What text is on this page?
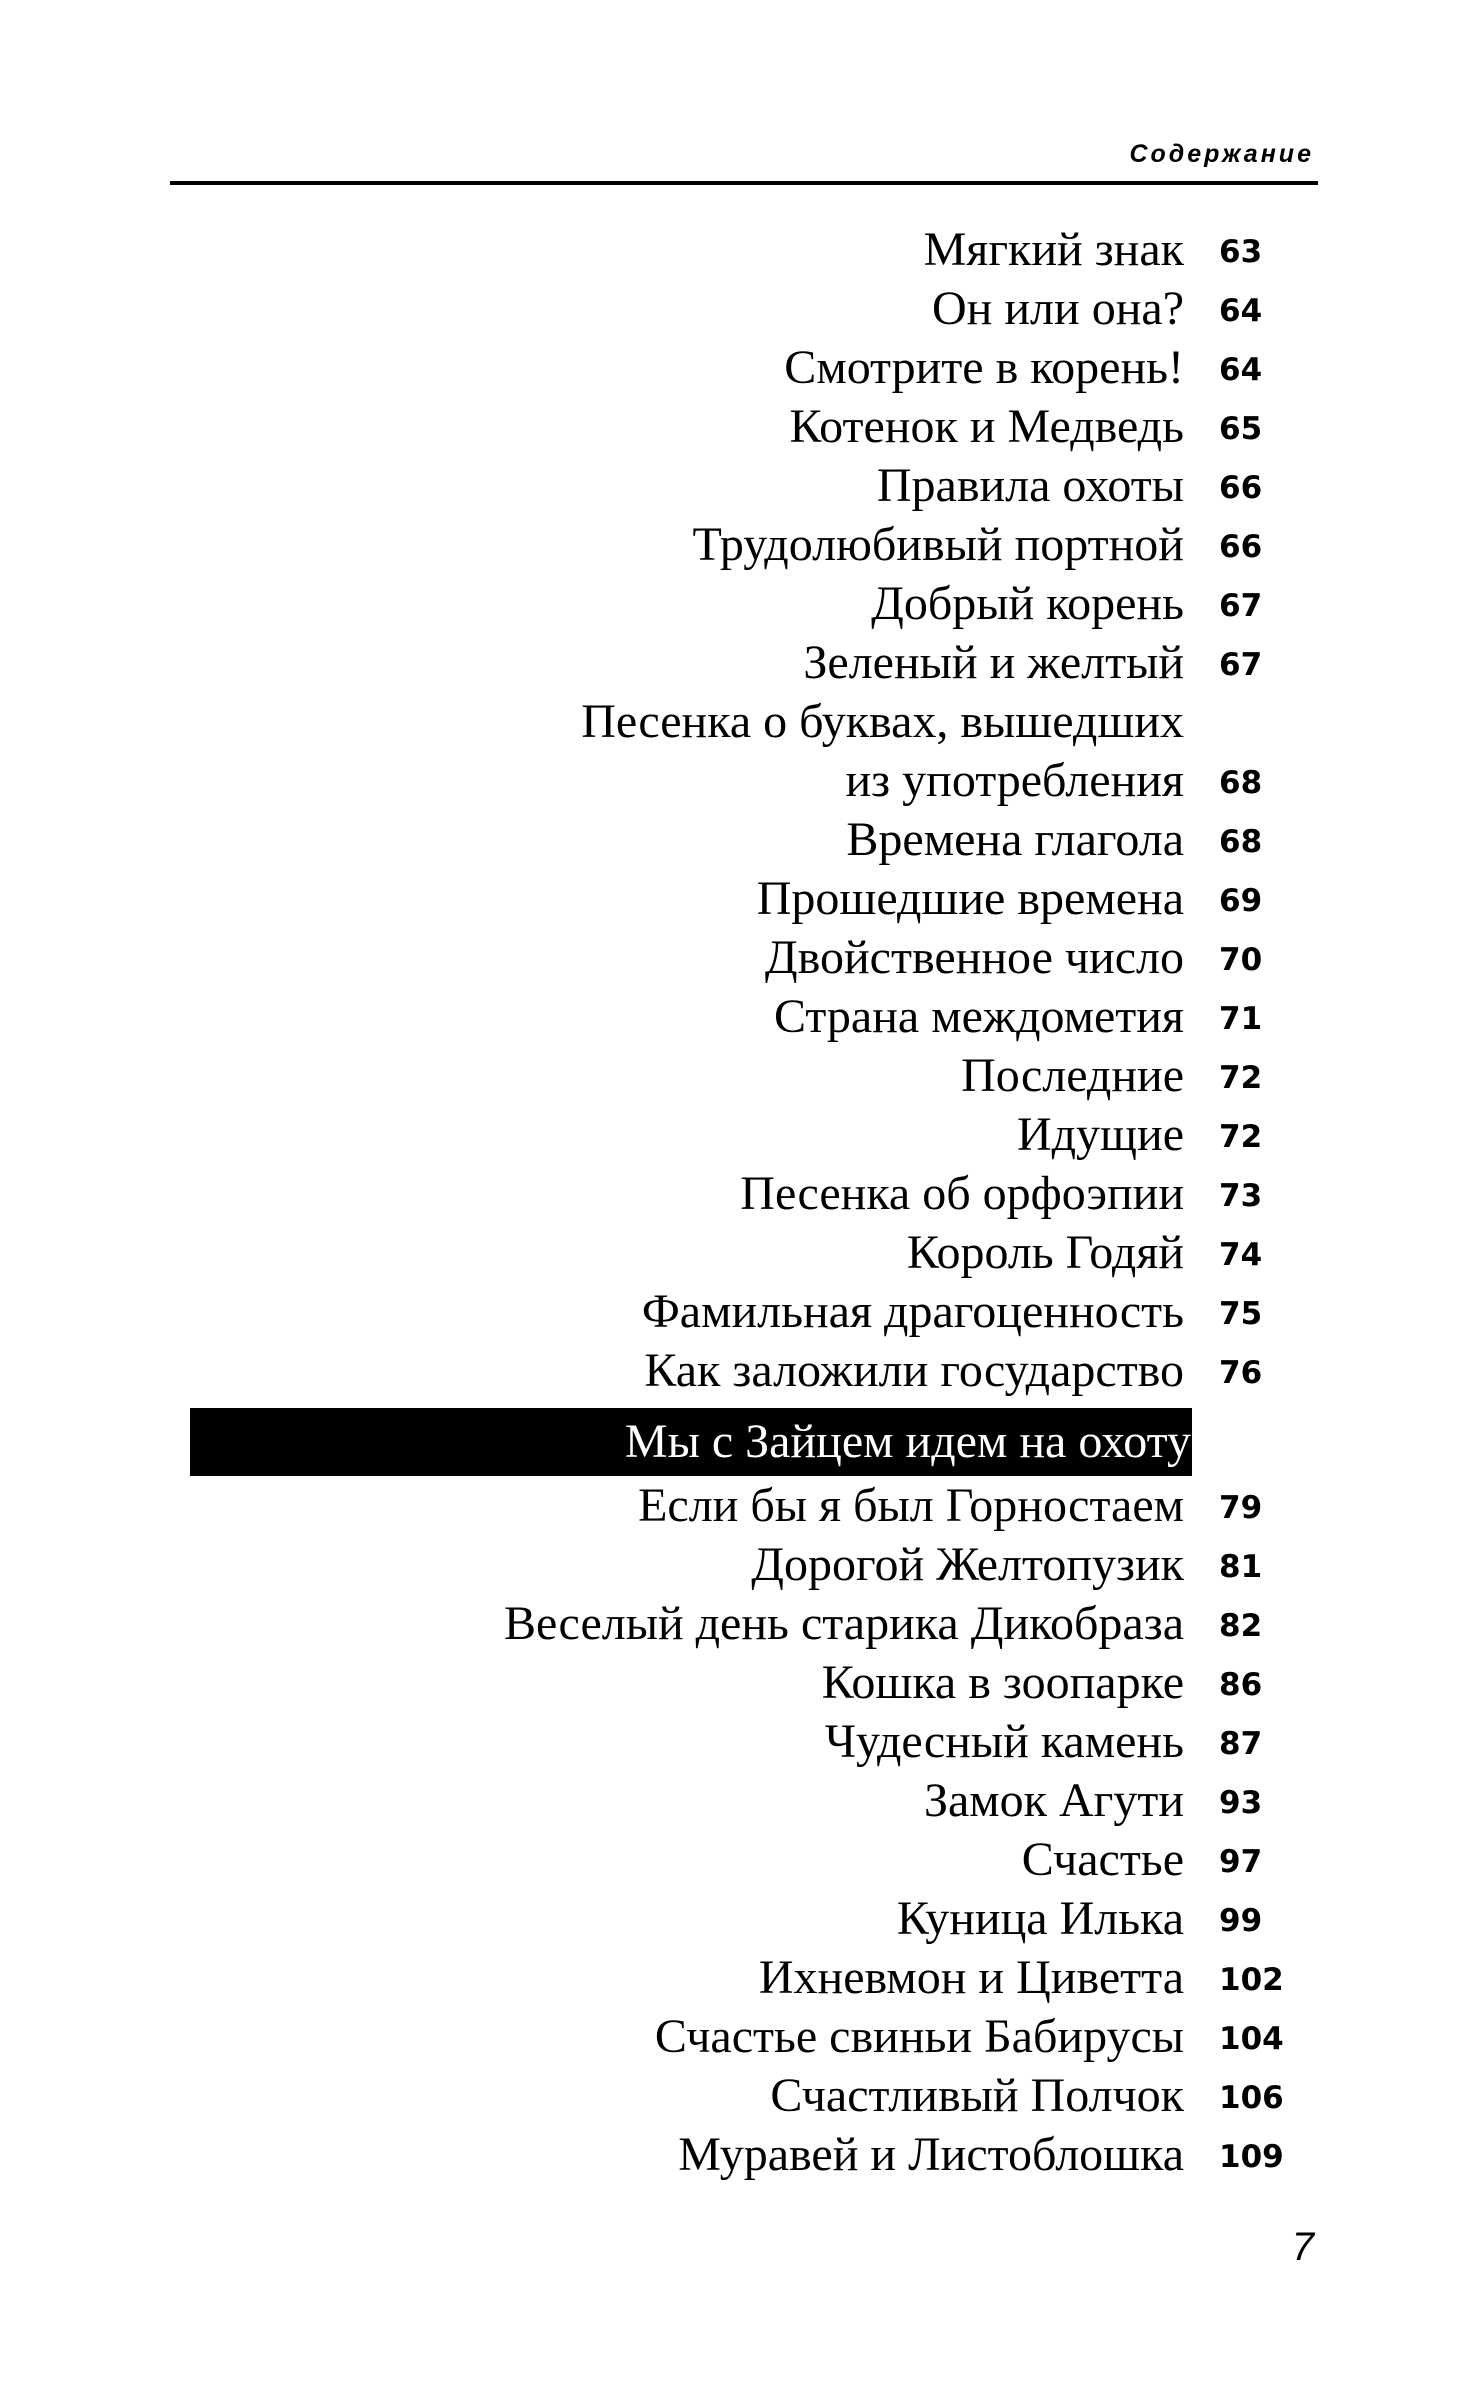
Содержание
Мягкий знак 63
Он или она? 64
Смотрите в корень! 64
Котенок и Медведь 65
Правила охоты 66
Трудолюбивый портной 66
Добрый корень 67
Зеленый и желтый 67
Песенка о буквах, вышедших
из употребления 68
Времена глагола 68
Прошедшие времена 69
Двойственное число 70
Страна междометия 71
Последние 72
Идущие 72
Песенка об орфоэпии 73
Король Годяй 74
Фамильная драгоценность 75
Как заложили государство 76
Мы с Зайцем идем на охоту
Если бы я был Горностаем 79
Дорогой Желтопузик 81
Веселый день старика Дикобраза 82
Кошка в зоопарке 86
Чудесный камень 87
Замок Агути 93
Счастье 97
Куница Илька 99
Ихневмон и Циветта 102
Счастье свиньи Бабирусы 104
Счастливый Полчок 106
Муравей и Листоблошка 109
7
